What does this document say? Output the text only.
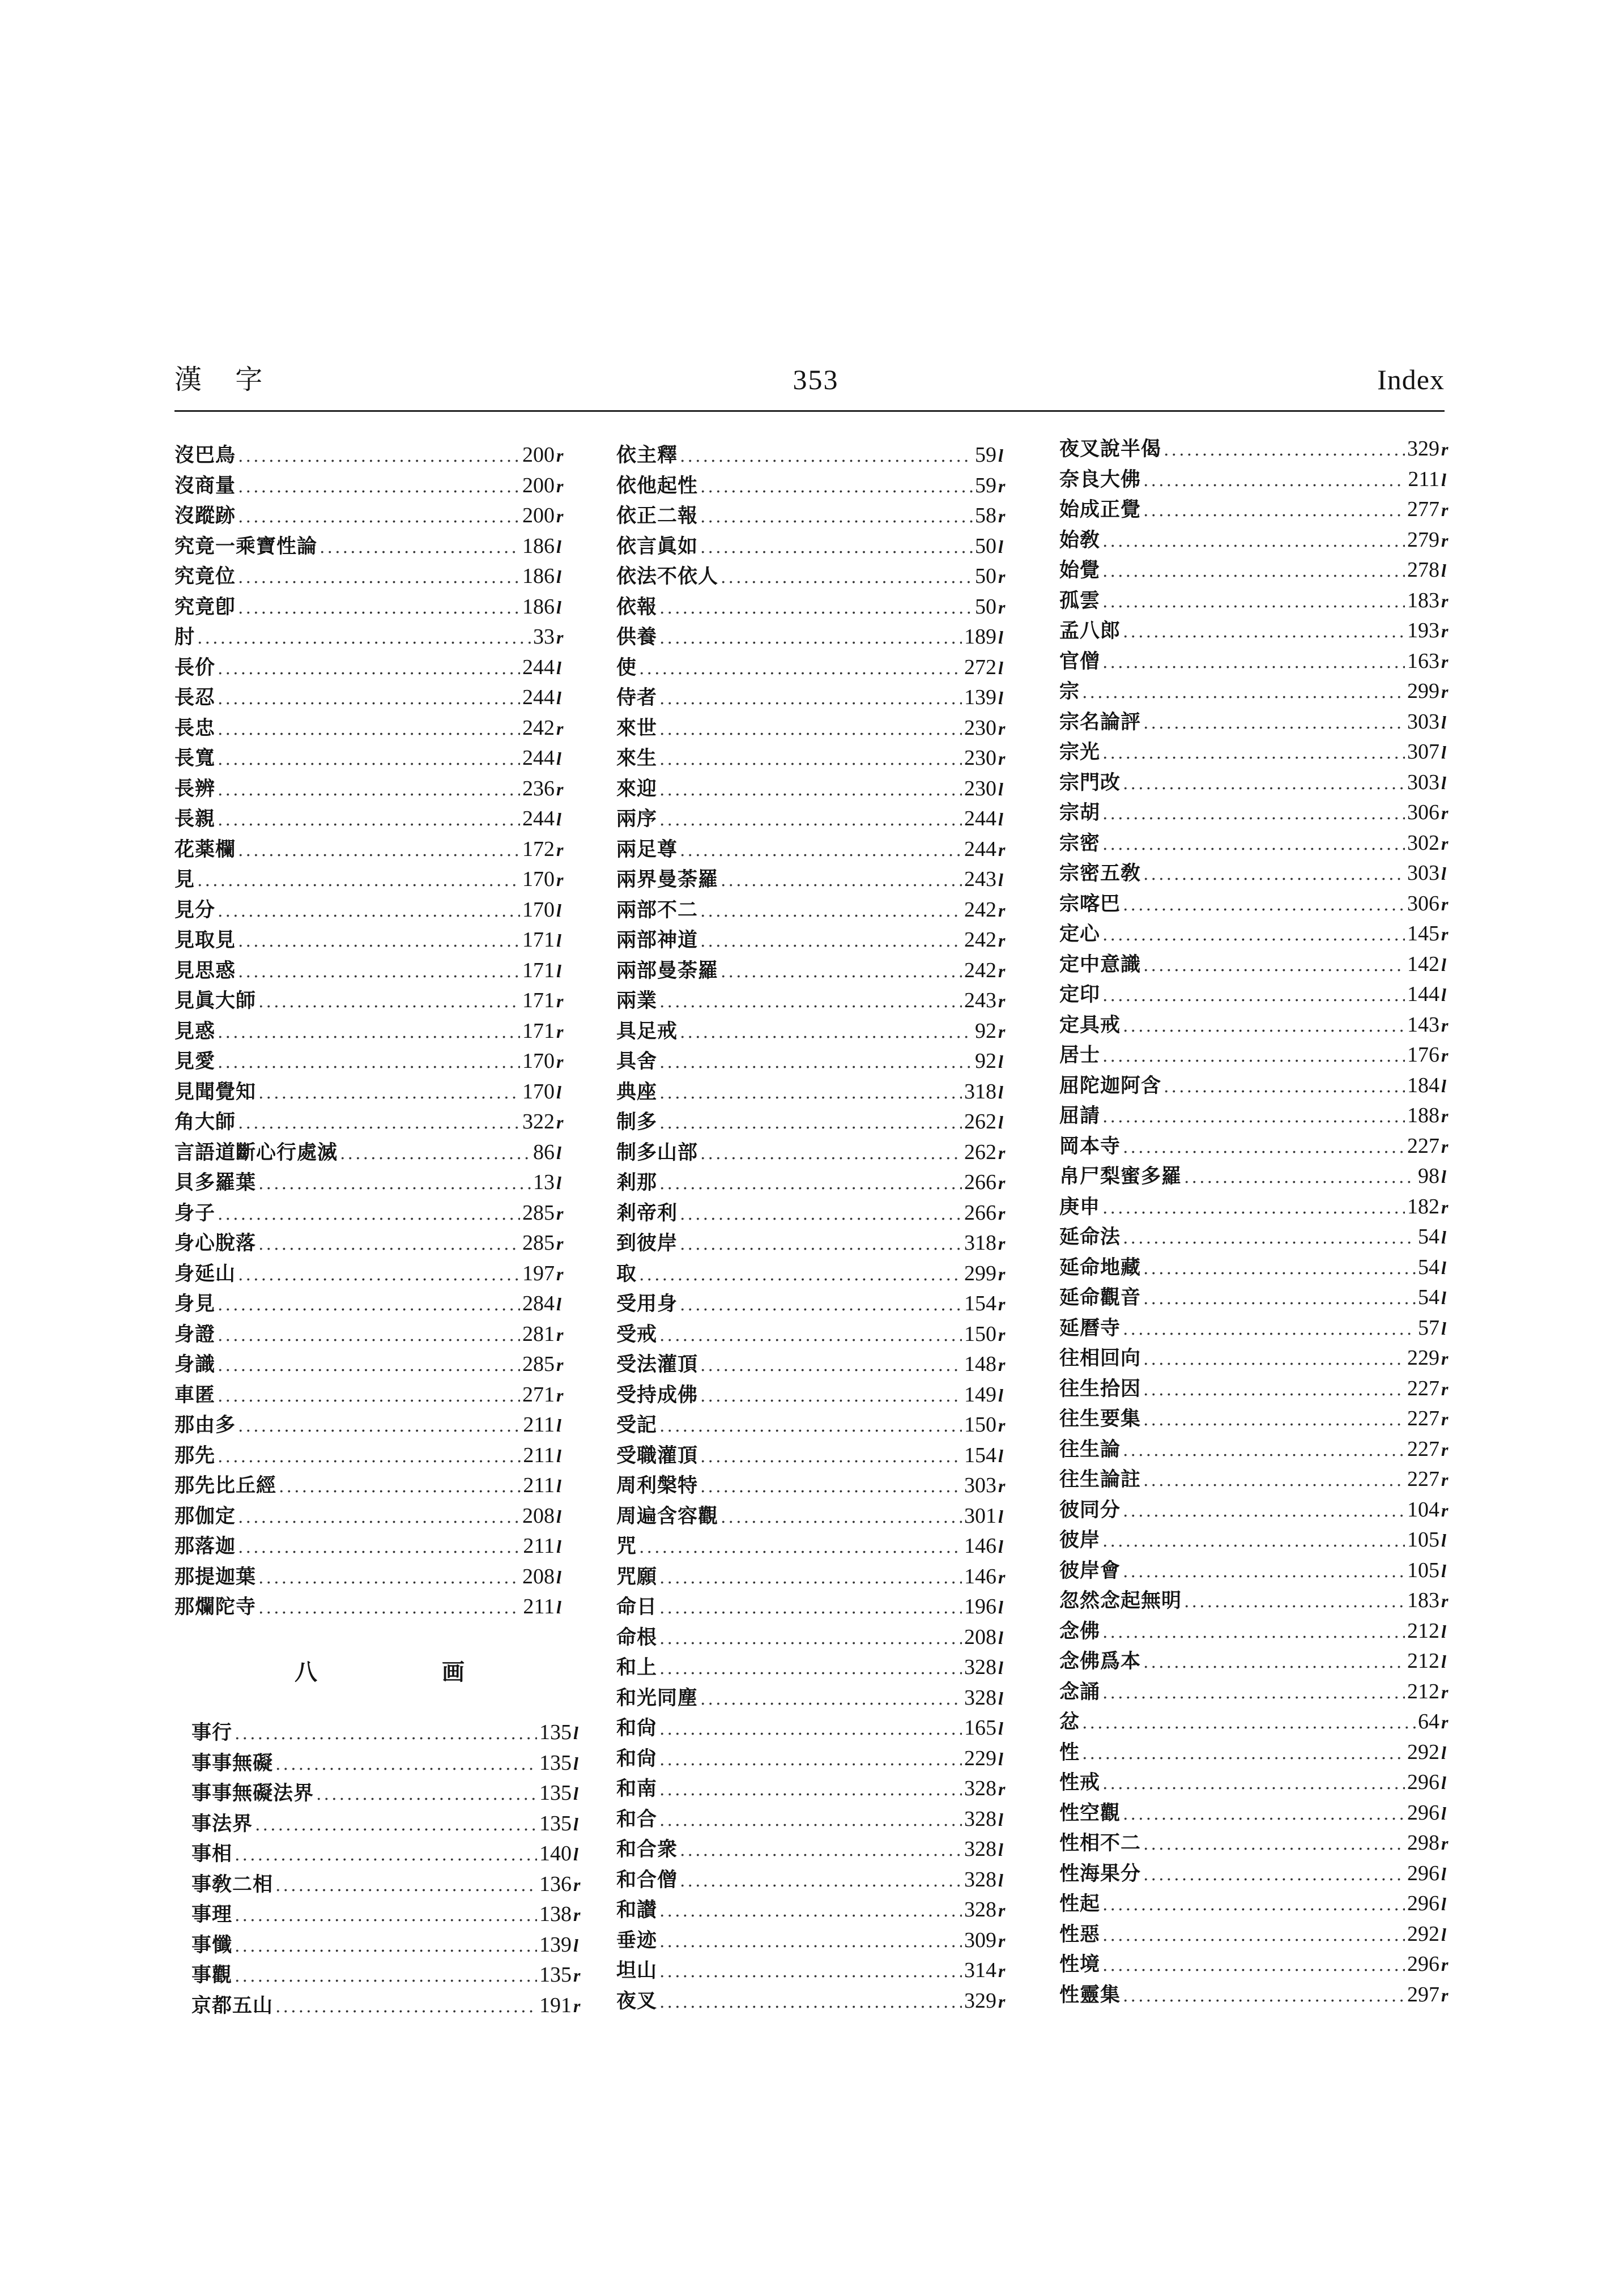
漢 字	353	Index
沒巴鳥 .....	200r
沒商量 .....	200r
沒蹤跡 .....	200r
究竟一乘寶性論 .....	186l
究竟位 .....	186l
究竟卽 .....	186l
肘 .....	33r
長价 .....	244l
長忍 .....	244l
長忠 .....	242r
長寬 .....	244l
長辨 .....	236r
長親 .....	244l
花薬欄 .....	172r
見 .....	170r
見分 .....	170l
見取見 .....	171l
見思惑 .....	171l
見眞大師 .....	171r
見惑 .....	171r
見愛 .....	170r
見聞覺知 .....	170l
角大師 .....	322r
言語道斷心行處滅 .....	86l
貝多羅葉 .....	13l
身子 .....	285r
身心脫落 .....	285r
身延山 .....	197r
身見 .....	284l
身證 .....	281r
身識 .....	285r
車匿 .....	271r
那由多 .....	211l
那先 .....	211l
那先比丘經 .....	211l
那伽定 .....	208l
那落迦 .....	211l
那提迦葉 .....	208l
那爛陀寺 .....	211l
八	画
事行 .....	135l
事事無礙 .....	135l
事事無礙法界 .....	135l
事法界 .....	135l
事相 .....	140l
事敎二相 .....	136r
事理 .....	138r
事懺 .....	139l
事觀 .....	135r
京都五山 .....	191r
依主釋 .....	59l
依他起性 .....	59r
依正二報 .....	58r
依言眞如 .....	50l
依法不依人 .....	50r
依報 .....	50r
供養 .....	189l
使 .....	272l
侍者 .....	139l
來世 .....	230r
來生 .....	230r
來迎 .....	230l
兩序 .....	244l
兩足尊 .....	244r
兩界曼荼羅 .....	243l
兩部不二 .....	242r
兩部神道 .....	242r
兩部曼荼羅 .....	242r
兩業 .....	243r
具足戒 .....	92r
具舍 .....	92l
典座 .....	318l
制多 .....	262l
制多山部 .....	262r
剎那 .....	266r
剎帝利 .....	266r
到彼岸 .....	318r
取 .....	299r
受用身 .....	154r
受戒 .....	150r
受法灌頂 .....	148r
受持成佛 .....	149l
受記 .....	150r
受職灌頂 .....	154l
周利槃特 .....	303r
周遍含容觀 .....	301l
咒 .....	146l
咒願 .....	146r
命日 .....	196l
命根 .....	208l
和上 .....	328l
和光同塵 .....	328l
和尙 .....	165l
和尙 .....	229l
和南 .....	328r
和合 .....	328l
和合衆 .....	328l
和合僧 .....	328l
和讃 .....	328r
垂迹 .....	309r
坦山 .....	314r
夜叉 .....	329r
夜叉說半偈 .....	329r
奈良大佛 .....	211l
始成正覺 .....	277r
始敎 .....	279r
始覺 .....	278l
孤雲 .....	183r
孟八郎 .....	193r
官僧 .....	163r
宗 .....	299r
宗名論評 .....	303l
宗光 .....	307l
宗門改 .....	303l
宗胡 .....	306r
宗密 .....	302r
宗密五敎 .....	303l
宗喀巴 .....	306r
定心 .....	145r
定中意識 .....	142l
定印 .....	144l
定具戒 .....	143r
居士 .....	176r
屈陀迦阿含 .....	184l
屈請 .....	188r
岡本寺 .....	227r
帛尸梨蜜多羅 .....	98l
庚申 .....	182r
延命法 .....	54l
延命地藏 .....	54l
延命觀音 .....	54l
延曆寺 .....	57l
往相回向 .....	229r
往生拾因 .....	227r
往生要集 .....	227r
往生論 .....	227r
往生論註 .....	227r
彼同分 .....	104r
彼岸 .....	105l
彼岸會 .....	105l
忽然念起無明 .....	183r
念佛 .....	212l
念佛爲本 .....	212l
念誦 .....	212r
忿 .....	64r
性 .....	292l
性戒 .....	296l
性空觀 .....	296l
性相不二 .....	298r
性海果分 .....	296l
性起 .....	296l
性惡 .....	292l
性境 .....	296r
性靈集 .....	297r
